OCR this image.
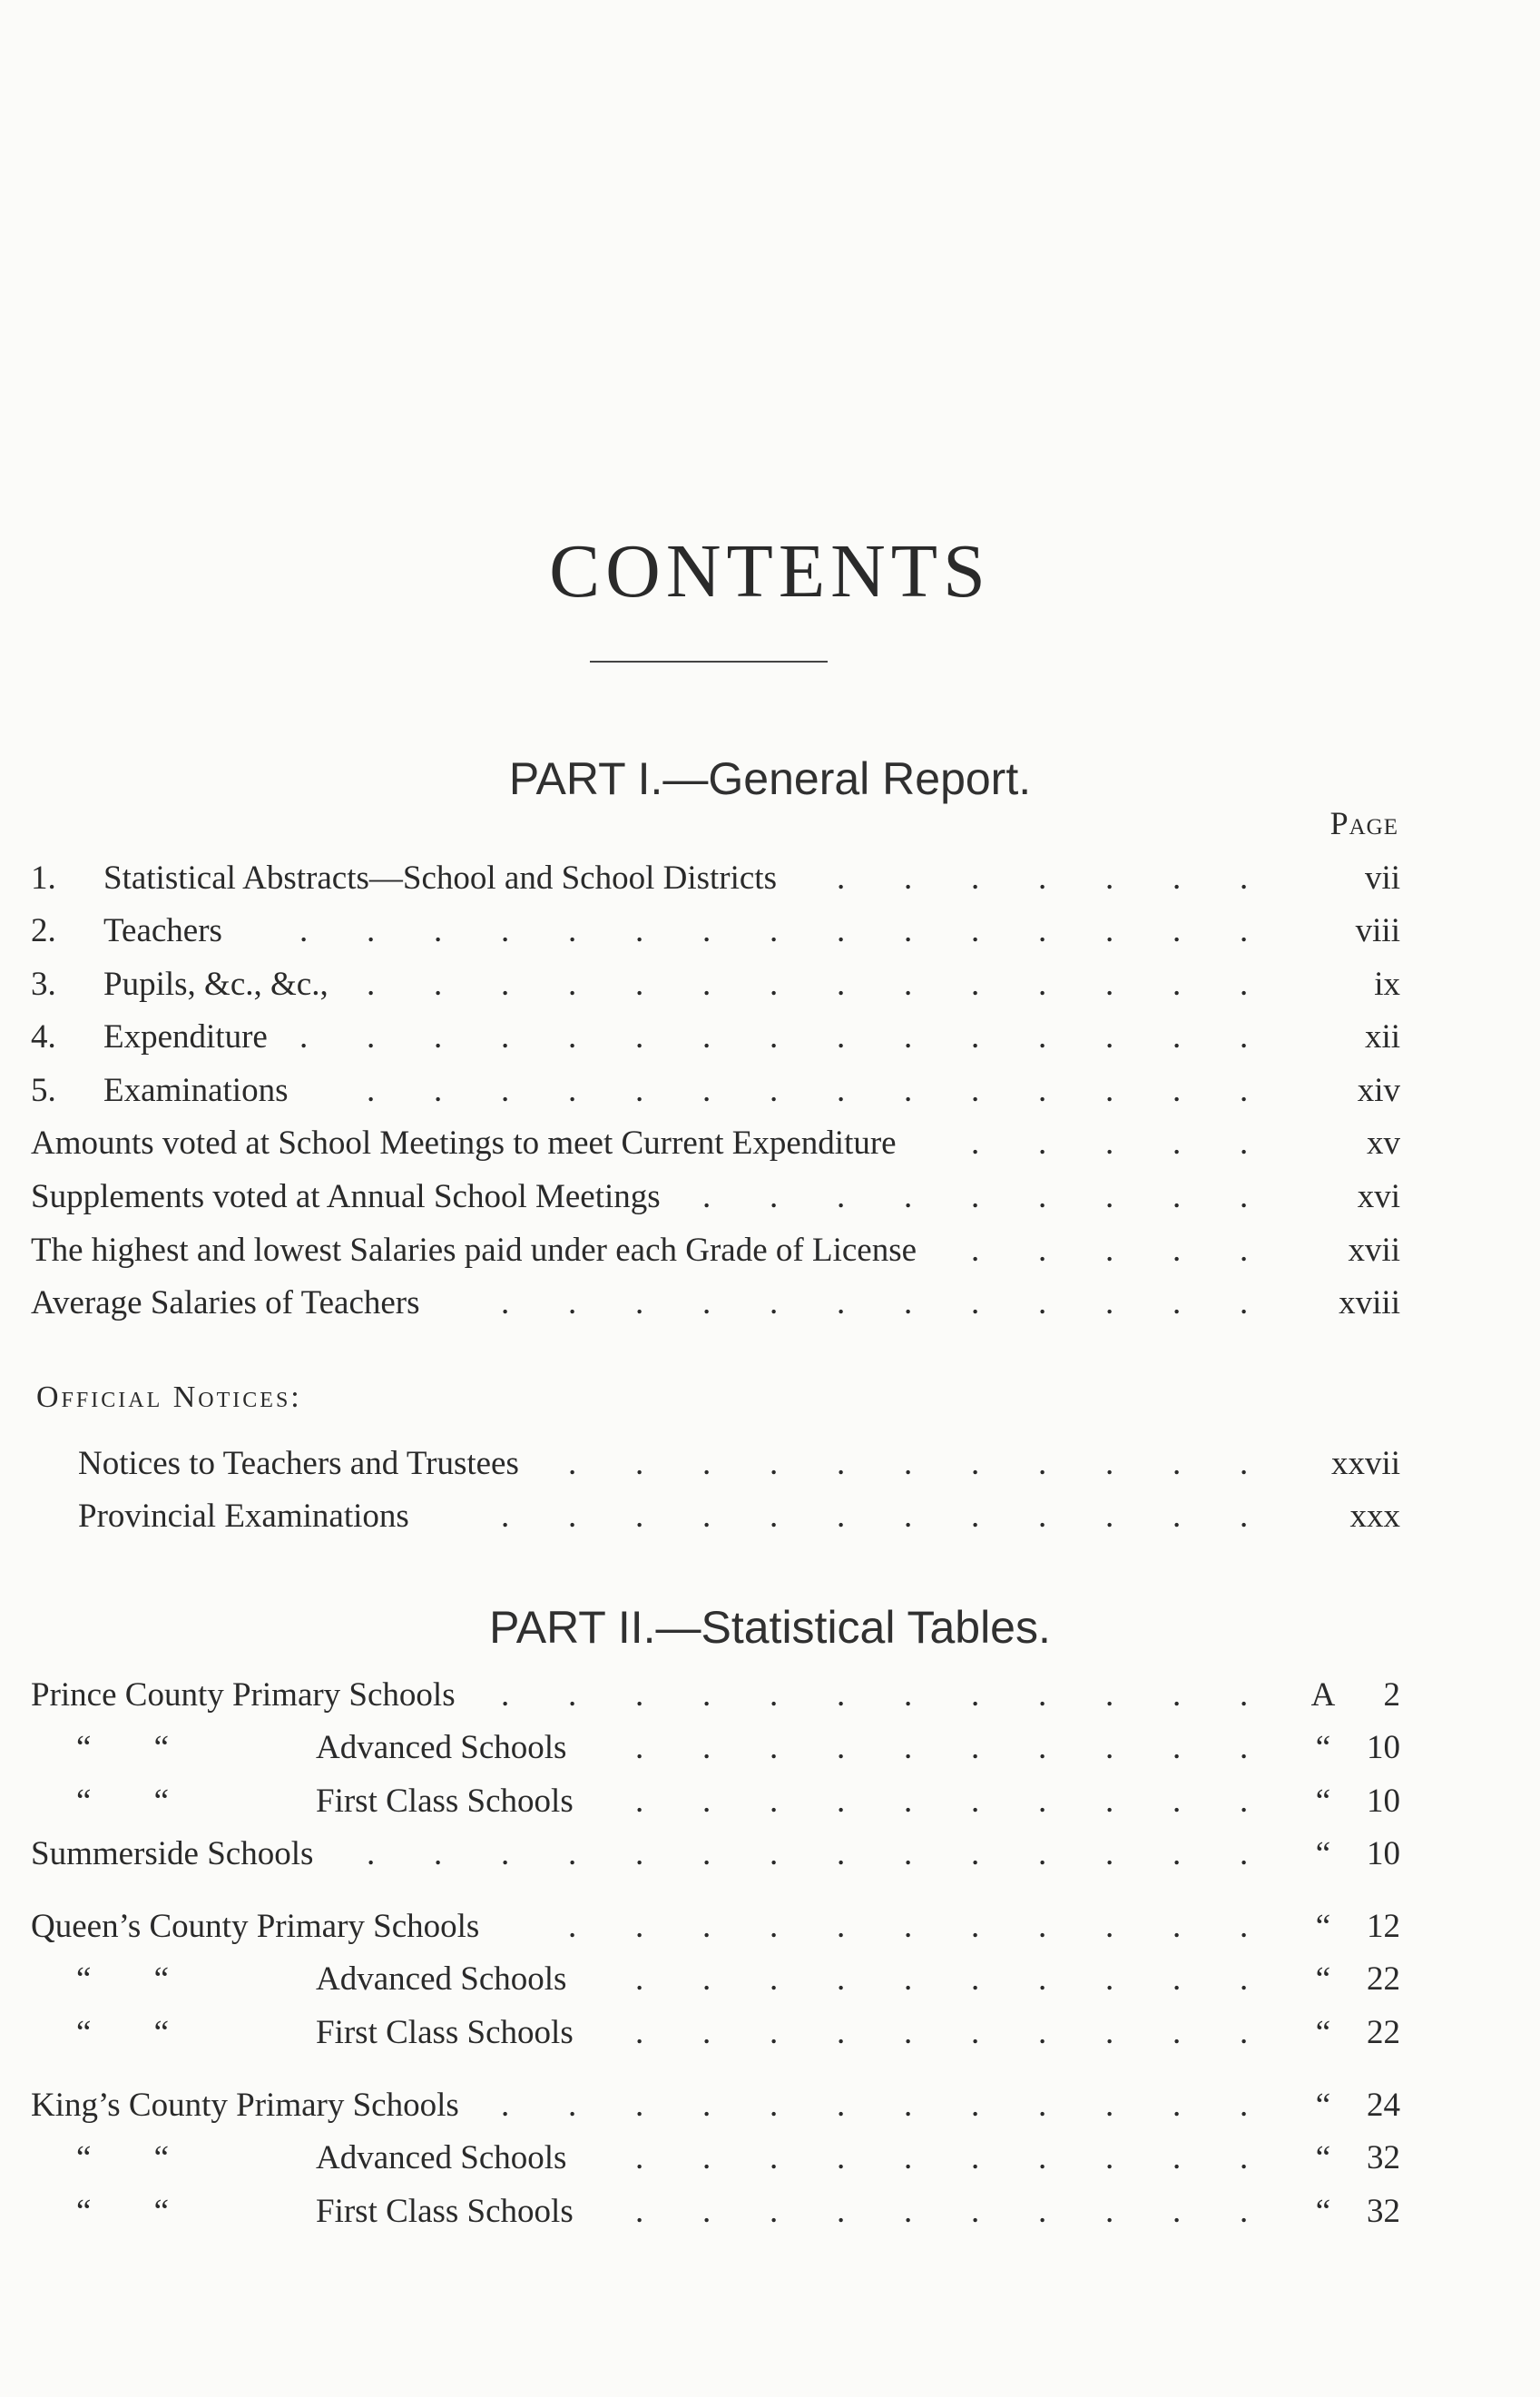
CONTENTS
PART I.—General Report.
Page
1. Statistical Abstracts—School and School Districts . . . . . . .	vii
2. Teachers . . . . . . . . . . . . . . .	viii
3. Pupils, &c., &c., . . . . . . . . . . . . . .	ix
4. Expenditure . . . . . . . . . . . . . . .	xii
5. Examinations . . . . . . . . . . . . . .	xiv
Amounts voted at School Meetings to meet Current Expenditure . . . . .	xv
Supplements voted at Annual School Meetings . . . . . . . . .	xvi
The highest and lowest Salaries paid under each Grade of License . . . . .	xvii
Average Salaries of Teachers . . . . . . . . . . . .	xviii
Official Notices:
Notices to Teachers and Trustees . . . . . . . . . . . xxvii
Provincial Examinations	. . . . . . . . . . . .	xxx
PART II.—Statistical Tables.
Prince County Primary Schools . . . . . . . . . . . . A 2
“ “	Advanced Schools . . . . . . . . . .	“	10
“ “	First Class Schools . . . . . . . . . .	“	10
Summerside Schools . . . . . . . . . . . . . .	“	10
Queen’s County Primary Schools	. . . . . . . . . . .	“	12
“ “	Advanced Schools . . . . . . . . . .	“	22
“ “	First Class Schools . . . . . . . . . .	“	22
King’s County Primary Schools . . . . . . . . . . . .	“	24
“ “	Advanced Schools . . . . . . . . . .	“	32
“ “	First Class Schools . . . . . . . . . .	“	32
